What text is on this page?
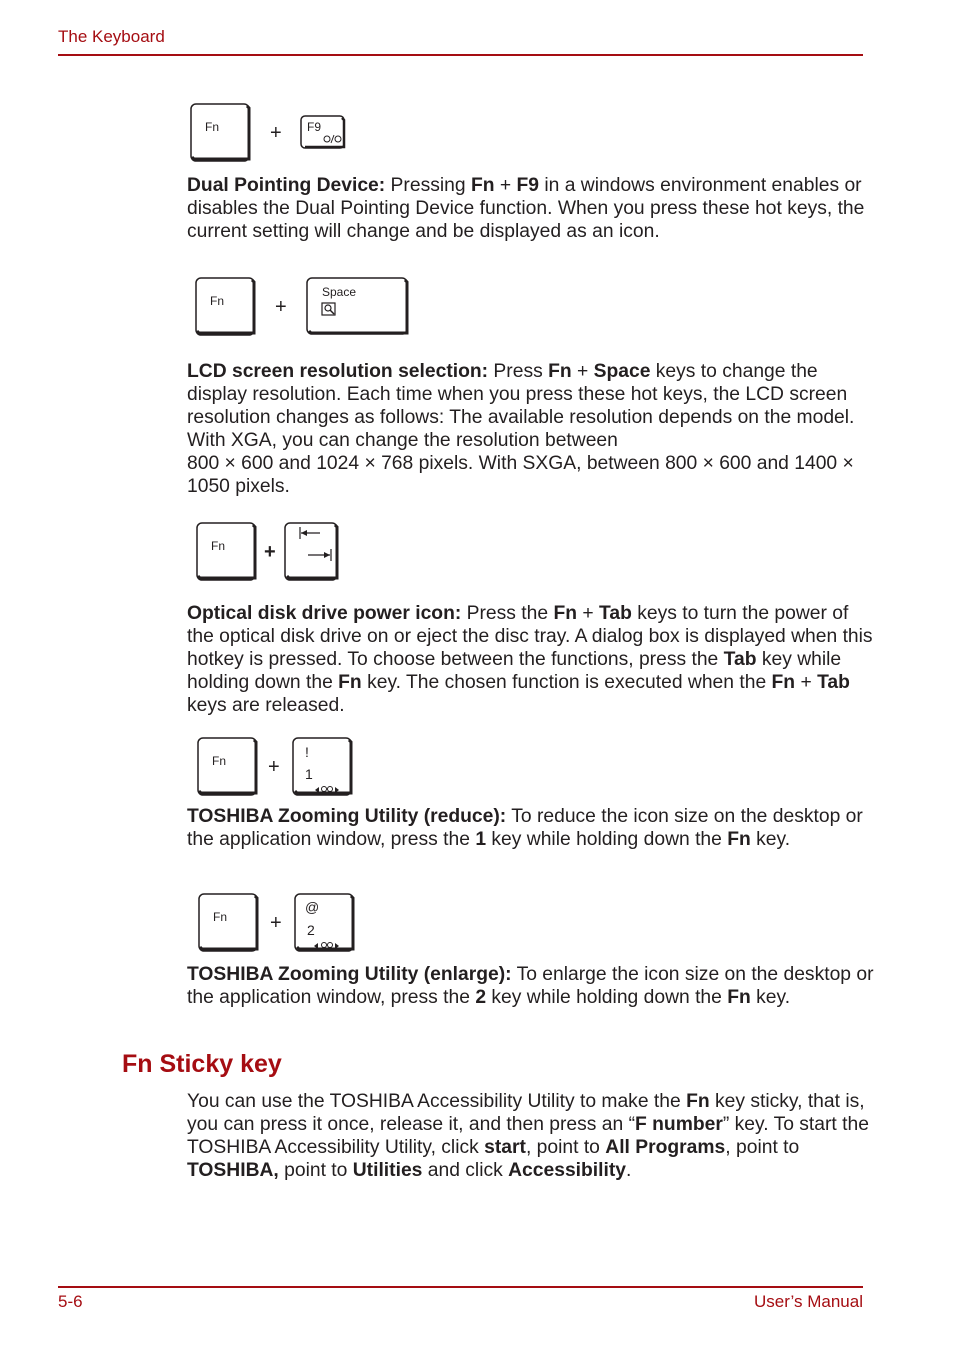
The Keyboard
Fn	+ F9

Dual Pointing Device: Pressing Fn + F9 in a windows environment enables or disables the Dual Pointing Device function. When you press these hot keys, the current setting will change and be displayed as an icon.

Fn	+
Space

LCD screen resolution selection: Press Fn + Space keys to change the display resolution. Each time when you press these hot keys, the LCD screen resolution changes as follows: The available resolution depends on the model. With XGA, you can change the resolution between
800 × 600 and 1024 × 768 pixels. With SXGA, between 800 × 600 and 1400 × 1050 pixels.

Fn +

Optical disk drive power icon: Press the Fn + Tab keys to turn the power of the optical disk drive on or eject the disc tray. A dialog box is displayed when this hotkey is pressed. To choose between the functions, press the Tab key while holding down the Fn key. The chosen function is executed when the Fn + Tab keys are released.

Fn +
!
1

TOSHIBA Zooming Utility (reduce): To reduce the icon size on the desktop or the application window, press the 1 key while holding down the Fn key.

Fn +
@
2

TOSHIBA Zooming Utility (enlarge): To enlarge the icon size on the desktop or the application window, press the 2 key while holding down the Fn key.

Fn Sticky key

You can use the TOSHIBA Accessibility Utility to make the Fn key sticky, that is, you can press it once, release it, and then press an “F number” key. To start the TOSHIBA Accessibility Utility, click start, point to All Programs, point to TOSHIBA, point to Utilities and click Accessibility.

5-6	User’s Manual
